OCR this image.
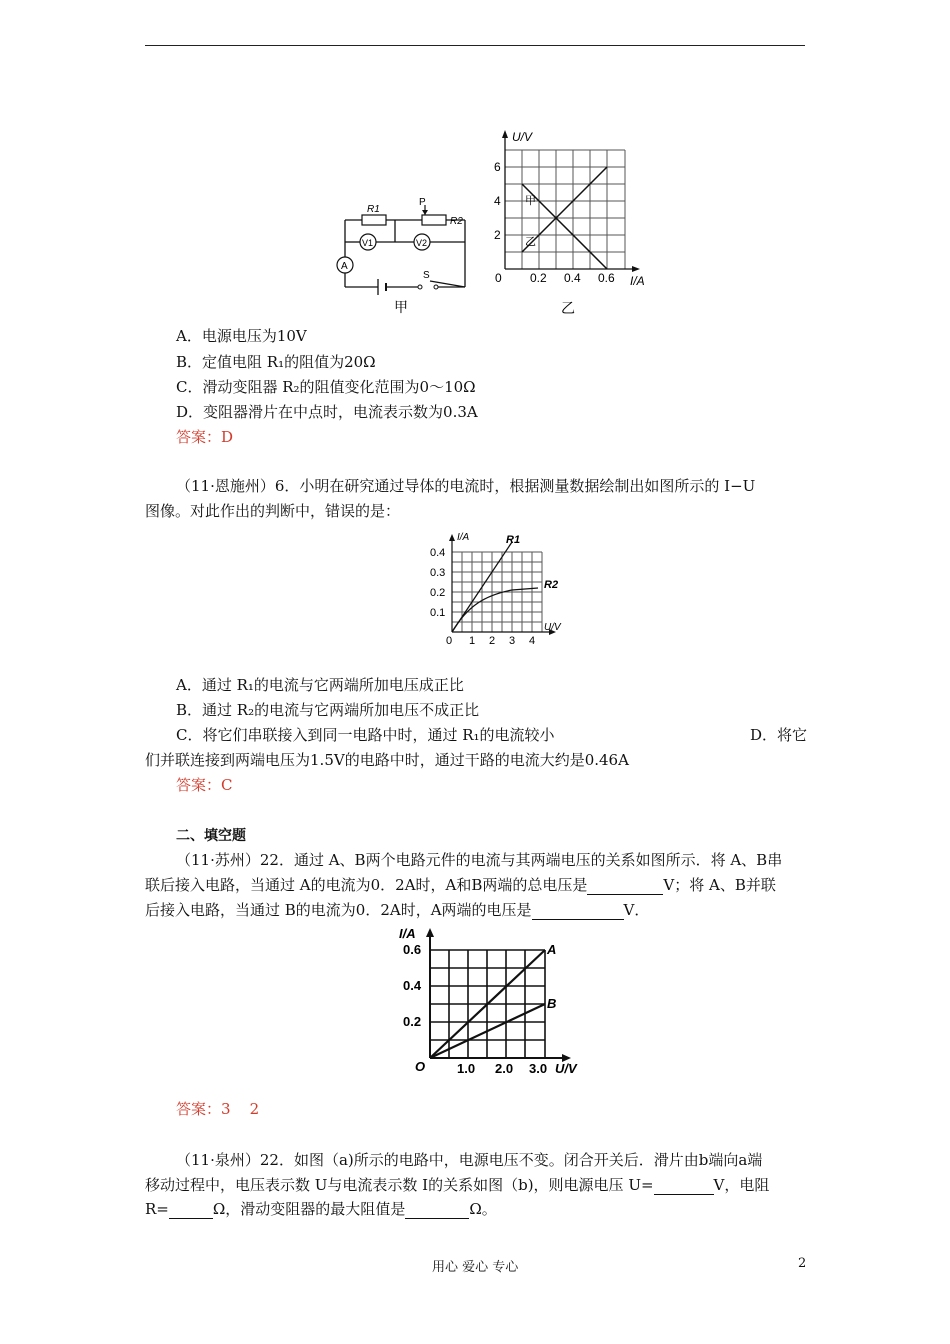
R1
P
R2
V1	V2
A
S
甲
U/V
I/A
0 0.2 0.4 0.6
2
4
6
甲
乙
乙
A．电源电压为10V
B．定值电阻 R₁的阻值为20Ω
C．滑动变阻器 R₂的阻值变化范围为0～10Ω
D．变阻器滑片在中点时，电流表示数为0.3A
答案：D
（11·恩施州）6．小明在研究通过导体的电流时，根据测量数据绘制出如图所示的 I−U
图像。对此作出的判断中，错误的是：
I/A
U/V
0 1 2 3 4
0.1
0.2
0.3
0.4
R1
R2
A．通过 R₁的电流与它两端所加电压成正比
B．通过 R₂的电流与它两端所加电压不成正比
C．将它们串联接入到同一电路中时，通过 R₁的电流较小	D．将它
们并联连接到两端电压为1.5V的电路中时，通过干路的电流大约是0.46A
答案：C
二、填空题
（11·苏州）22．通过 A、B两个电路元件的电流与其两端电压的关系如图所示．将 A、B串
联后接入电路，当通过 A的电流为0．2A时，A和B两端的总电压是	V；将 A、B并联
后接入电路，当通过 B的电流为0．2A时，A两端的电压是	V．
I/A
U/V
O 1.0 2.0 3.0
0.2
0.4
0.6	A
B
答案：3    2
（11·泉州）22．如图（a)所示的电路中，电源电压不变。闭合开关后．滑片由b端向a端
移动过程中，电压表示数 U与电流表示数 I的关系如图（b)，则电源电压 U=	V，电阻
R=	Ω，滑动变阻器的最大阻值是	Ω。
用心 爱心 专心	2
